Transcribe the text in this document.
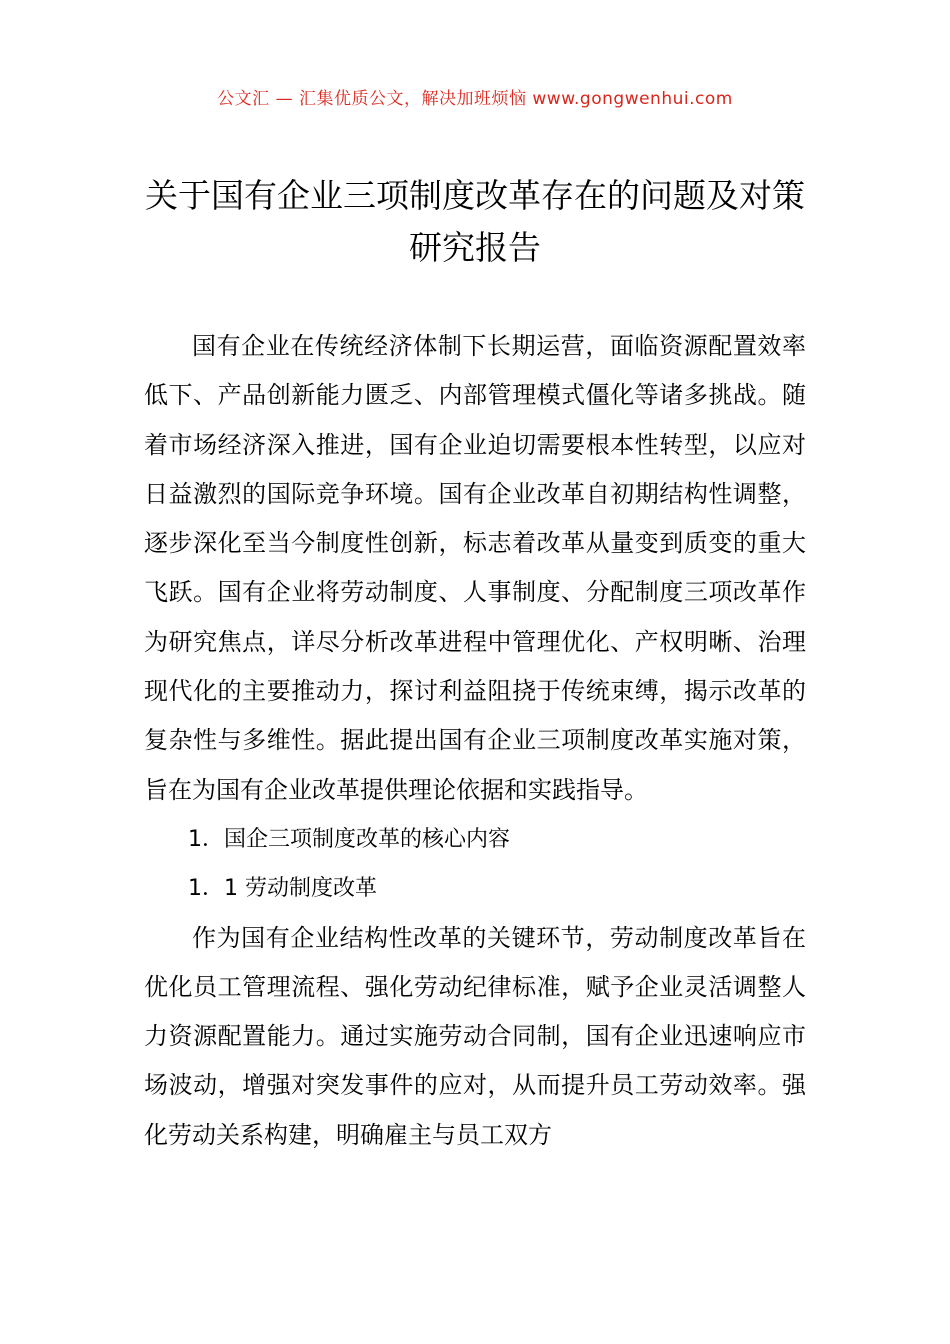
公文汇 — 汇集优质公文，解决加班烦恼 www.gongwenhui.com
关于国有企业三项制度改革存在的问题及对策研究报告

国有企业在传统经济体制下长期运营，面临资源配置效率低下、产品创新能力匮乏、内部管理模式僵化等诸多挑战。随着市场经济深入推进，国有企业迫切需要根本性转型，以应对日益激烈的国际竞争环境。国有企业改革自初期结构性调整，逐步深化至当今制度性创新，标志着改革从量变到质变的重大飞跃。国有企业将劳动制度、人事制度、分配制度三项改革作为研究焦点，详尽分析改革进程中管理优化、产权明晰、治理现代化的主要推动力，探讨利益阻挠于传统束缚，揭示改革的复杂性与多维性。据此提出国有企业三项制度改革实施对策，旨在为国有企业改革提供理论依据和实践指导。

1．国企三项制度改革的核心内容

1．1 劳动制度改革

作为国有企业结构性改革的关键环节，劳动制度改革旨在优化员工管理流程、强化劳动纪律标准，赋予企业灵活调整人力资源配置能力。通过实施劳动合同制，国有企业迅速响应市场波动，增强对突发事件的应对，从而提升员工劳动效率。强化劳动关系构建，明确雇主与员工双方
